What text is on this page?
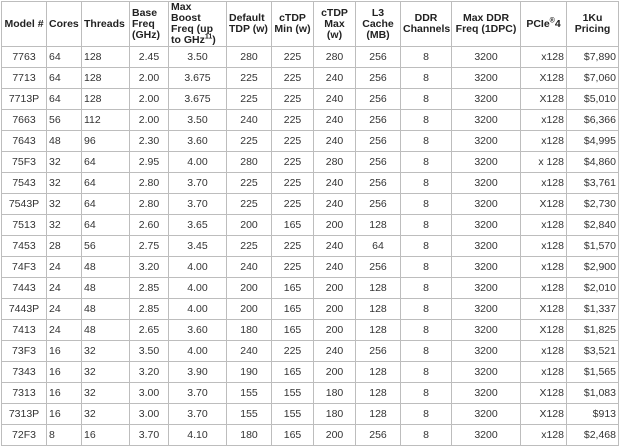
Model #	Cores	Threads	Base Freq (GHz)	Max Boost Freq (up to GHz$^{11}$)	Default TDP (w)	cTDP Min (w)	cTDP Max (w)	L3 Cache (MB)	DDR Channels	Max DDR Freq (1DPC)	PCIe®4	1Ku Pricing
7763	64	128	2.45	3.50	280	225	280	256	8	3200	x128	$7,890
7713	64	128	2.00	3.675	225	225	240	256	8	3200	X128	$7,060
7713P	64	128	2.00	3.675	225	225	240	256	8	3200	X128	$5,010
7663	56	112	2.00	3.50	240	225	240	256	8	3200	x128	$6,366
7643	48	96	2.30	3.60	225	225	240	256	8	3200	x128	$4,995
75F3	32	64	2.95	4.00	280	225	280	256	8	3200	x 128	$4,860
7543	32	64	2.80	3.70	225	225	240	256	8	3200	x128	$3,761
7543P	32	64	2.80	3.70	225	225	240	256	8	3200	X128	$2,730
7513	32	64	2.60	3.65	200	165	200	128	8	3200	x128	$2,840
7453	28	56	2.75	3.45	225	225	240	64	8	3200	x128	$1,570
74F3	24	48	3.20	4.00	240	225	240	256	8	3200	x128	$2,900
7443	24	48	2.85	4.00	200	165	200	128	8	3200	x128	$2,010
7443P	24	48	2.85	4.00	200	165	200	128	8	3200	X128	$1,337
7413	24	48	2.65	3.60	180	165	200	128	8	3200	X128	$1,825
73F3	16	32	3.50	4.00	240	225	240	256	8	3200	x128	$3,521
7343	16	32	3.20	3.90	190	165	200	128	8	3200	x128	$1,565
7313	16	32	3.00	3.70	155	155	180	128	8	3200	X128	$1,083
7313P	16	32	3.00	3.70	155	155	180	128	8	3200	X128	$913
72F3	8	16	3.70	4.10	180	165	200	256	8	3200	x128	$2,468
